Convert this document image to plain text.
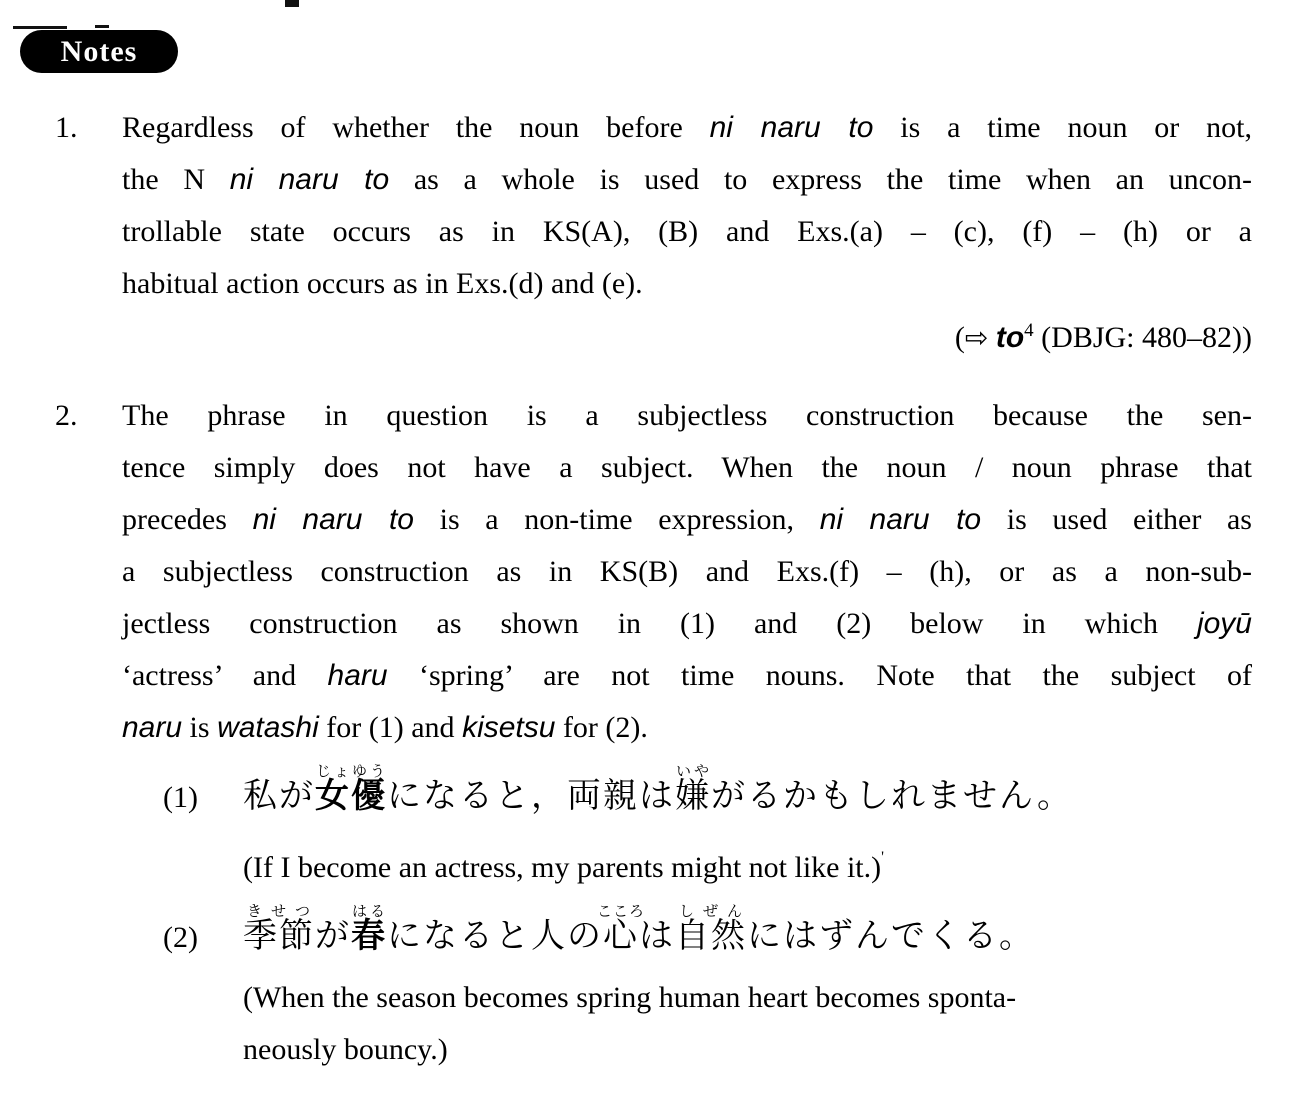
Notes
1.	Regardless of whether the noun before ni naru to is a time noun or not,
the N ni naru to as a whole is used to express the time when an uncon-
trollable state occurs as in KS(A), (B) and Exs.(a) – (c), (f) – (h) or a
habitual action occurs as in Exs.(d) and (e).
(⇨ $to^4$ (DBJG: 480–82))
2.	The phrase in question is a subjectless construction because the sen-
tence simply does not have a subject. When the noun / noun phrase that
precedes ni naru to is a non-time expression, ni naru to is used either as
a subjectless construction as in KS(B) and Exs.(f) – (h), or as a non-sub-
jectless construction as shown in (1) and (2) below in which joyū
‘actress’ and haru ‘spring’ are not time nouns. Note that the subject of
naru is watashi for (1) and kisetsu for (2).
(1)	私が女優じょゆうになると，両親は嫌いやがるかもしれません。
(If I become an actress, my parents might not like it.)'
(2)	季節きせつが春はるになると人の心こころは自然しぜんにはずんでくる。
(When the season becomes spring human heart becomes sponta-
neously bouncy.)
